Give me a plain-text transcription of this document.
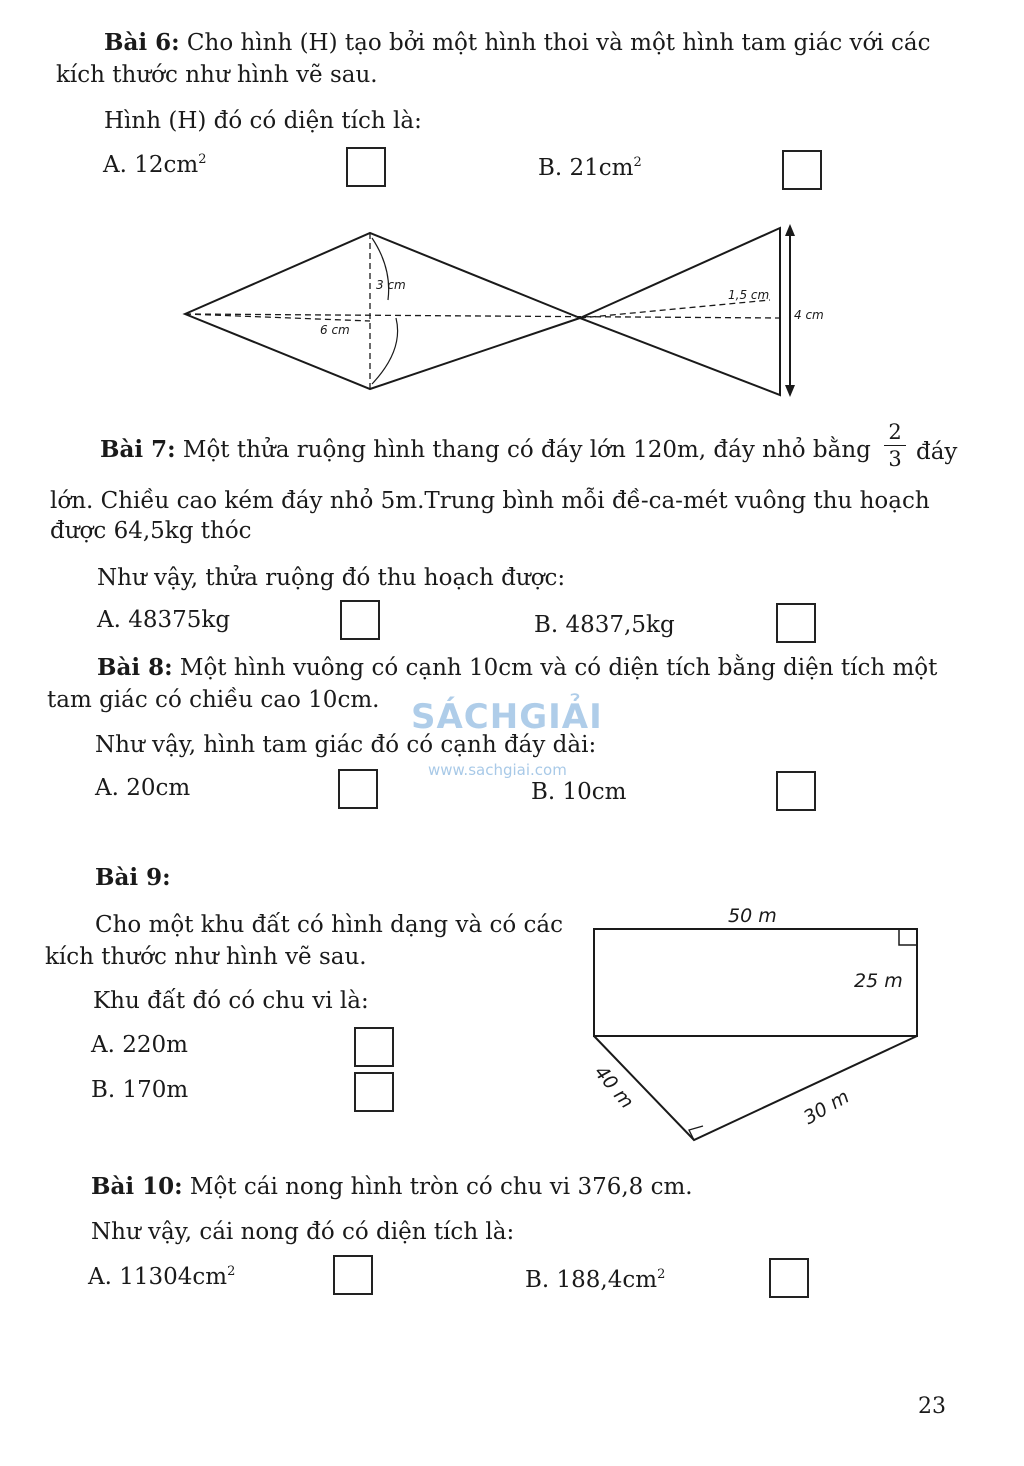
Bài 6: Cho hình (H) tạo bởi một hình thoi và một hình tam giác với các
kích thước như hình vẽ sau.
Hình (H) đó có diện tích là:
A. $12cm^2$	B. $21cm^2$
3 cm
6 cm
1,5 cm
4 cm
Bài 7: Một thửa ruộng hình thang có đáy lớn 120m, đáy nhỏ bằng
2
3 đáy
lớn. Chiều cao kém đáy nhỏ 5m.Trung bình mỗi đề-ca-mét vuông thu hoạch
được 64,5kg thóc
Như vậy, thửa ruộng đó thu hoạch được:
A. 48375kg	B. 4837,5kg
Bài 8: Một hình vuông có cạnh 10cm và có diện tích bằng diện tích một
tam giác có chiều cao 10cm.
Như vậy, hình tam giác đó có cạnh đáy dài:
A. 20cm	B. 10cm
SÁCHGIẢI
www.sachgiai.com
Bài 9:
Cho một khu đất có hình dạng và có các
kích thước như hình vẽ sau.
Khu đất đó có chu vi là:
A. 220m
B. 170m
50 m
25 m
40 m	30 m
Bài 10: Một cái nong hình tròn có chu vi 376,8 cm.
Như vậy, cái nong đó có diện tích là:
A. $11304cm^2$	B. $188,4cm^2$
23
